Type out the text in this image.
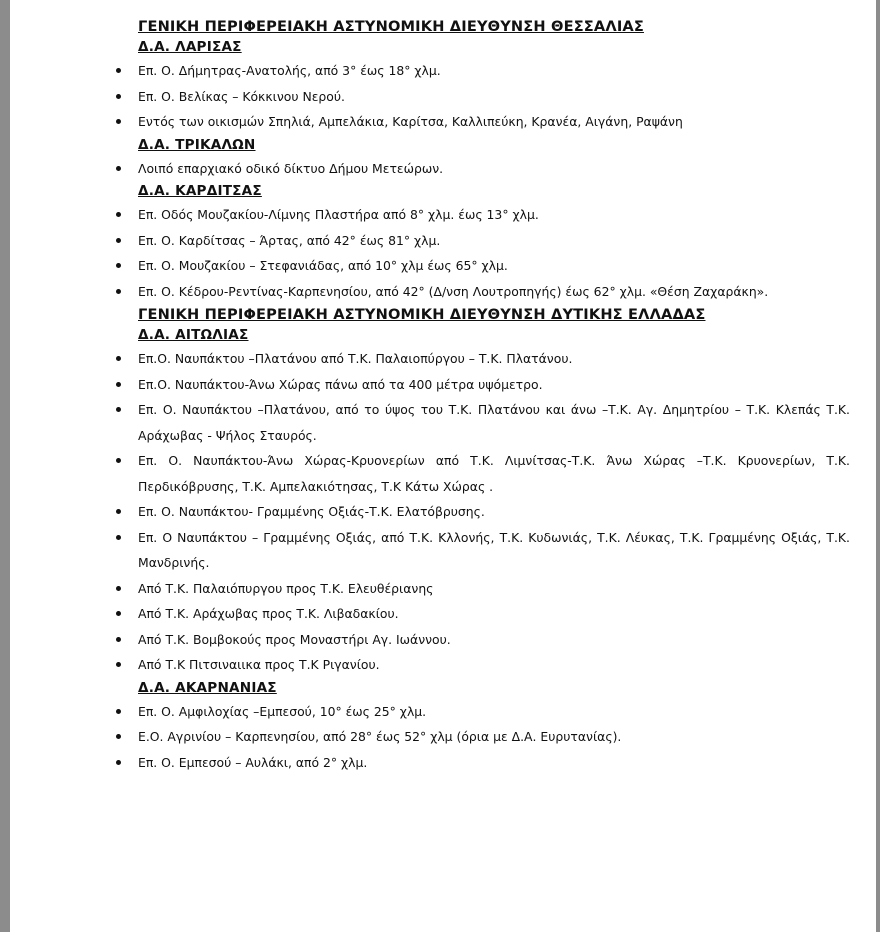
ΓΕΝΙΚΗ ΠΕΡΙΦΕΡΕΙΑΚΗ ΑΣΤΥΝΟΜΙΚΗ ΔΙΕΥΘΥΝΣΗ ΘΕΣΣΑΛΙΑΣ
Δ.Α. ΛΑΡΙΣΑΣ
Επ. Ο. Δήμητρας-Ανατολής, από 3° έως 18° χλμ.
Επ. Ο. Βελίκας – Κόκκινου Νερού.
Εντός των οικισμών Σπηλιά, Αμπελάκια, Καρίτσα, Καλλιπεύκη, Κρανέα, Αιγάνη, Ραψάνη
Δ.Α. ΤΡΙΚΑΛΩΝ
Λοιπό επαρχιακό οδικό δίκτυο Δήμου Μετεώρων.
Δ.Α. ΚΑΡΔΙΤΣΑΣ
Επ. Οδός Μουζακίου-Λίμνης Πλαστήρα από 8° χλμ. έως 13° χλμ.
Επ. Ο. Καρδίτσας – Άρτας, από 42° έως 81° χλμ.
Επ. Ο. Μουζακίου – Στεφανιάδας, από 10° χλμ έως 65° χλμ.
Επ. Ο. Κέδρου-Ρεντίνας-Καρπενησίου, από 42° (Δ/νση Λουτροπηγής) έως 62° χλμ. «Θέση Ζαχαράκη».
ΓΕΝΙΚΗ ΠΕΡΙΦΕΡΕΙΑΚΗ ΑΣΤΥΝΟΜΙΚΗ ΔΙΕΥΘΥΝΣΗ ΔΥΤΙΚΗΣ ΕΛΛΑΔΑΣ
Δ.Α. ΑΙΤΩΛΙΑΣ
Επ.Ο. Ναυπάκτου –Πλατάνου από Τ.Κ. Παλαιοπύργου – Τ.Κ. Πλατάνου.
Επ.Ο. Ναυπάκτου-Άνω Χώρας πάνω από τα 400 μέτρα υψόμετρο.
Επ. Ο. Ναυπάκτου –Πλατάνου, από το ύψος του Τ.Κ. Πλατάνου και άνω –Τ.Κ. Αγ. Δημητρίου – Τ.Κ. Κλεπάς Τ.Κ. Αράχωβας - Ψήλος Σταυρός.
Επ. Ο. Ναυπάκτου-Άνω Χώρας-Κρυονερίων από Τ.Κ. Λιμνίτσας-Τ.Κ. Άνω Χώρας –Τ.Κ. Κρυονερίων, Τ.Κ. Περδικόβρυσης, Τ.Κ. Αμπελακιότησας, Τ.Κ Κάτω Χώρας .
Επ. Ο. Ναυπάκτου- Γραμμένης Οξιάς-Τ.Κ. Ελατόβρυσης.
Επ. Ο Ναυπάκτου – Γραμμένης Οξιάς, από Τ.Κ. Κλλονής, Τ.Κ. Κυδωνιάς, Τ.Κ. Λέυκας, Τ.Κ. Γραμμένης Οξιάς, Τ.Κ. Μανδρινής.
Από Τ.Κ. Παλαιόπυργου προς Τ.Κ. Ελευθέριανης
Από Τ.Κ. Αράχωβας προς Τ.Κ. Λιβαδακίου.
Από Τ.Κ. Βομβοκούς προς Μοναστήρι Αγ. Ιωάννου.
Από Τ.Κ Πιτσιναιικα προς Τ.Κ Ριγανίου.
Δ.Α. ΑΚΑΡΝΑΝΙΑΣ
Επ. Ο. Αμφιλοχίας –Εμπεσού, 10° έως 25° χλμ.
Ε.Ο. Αγρινίου – Καρπενησίου, από 28° έως 52° χλμ (όρια με Δ.Α. Ευρυτανίας).
Επ. Ο. Εμπεσού – Αυλάκι, από 2° χλμ.
